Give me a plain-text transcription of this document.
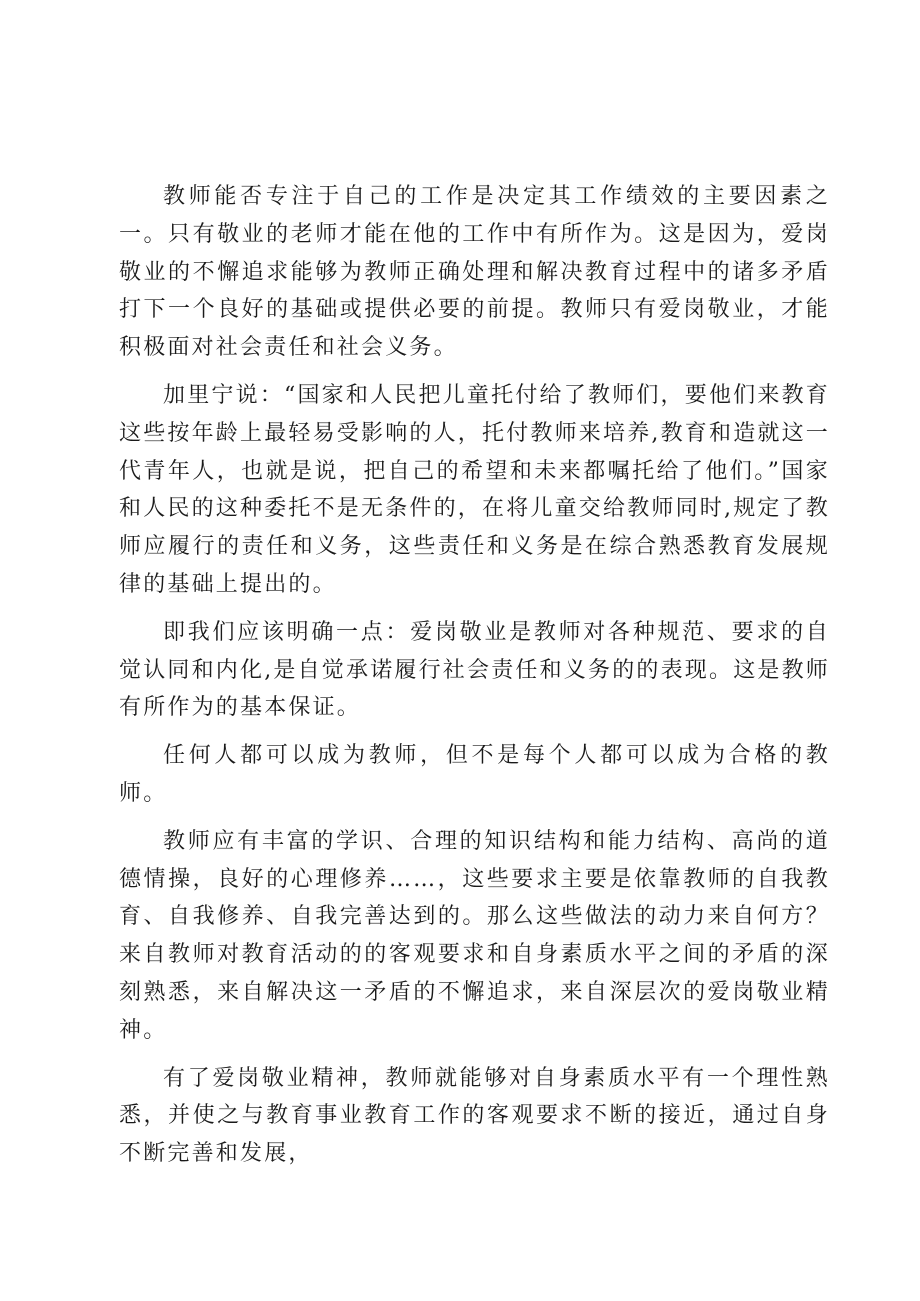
教师能否专注于自己的工作是决定其工作绩效的主要因素之一。只有敬业的老师才能在他的工作中有所作为。这是因为，爱岗敬业的不懈追求能够为教师正确处理和解决教育过程中的诸多矛盾打下一个良好的基础或提供必要的前提。教师只有爱岗敬业，才能积极面对社会责任和社会义务。

加里宁说：“国家和人民把儿童托付给了教师们，要他们来教育这些按年龄上最轻易受影响的人，托付教师来培养,教育和造就这一代青年人，也就是说，把自己的希望和未来都嘱托给了他们。”国家和人民的这种委托不是无条件的，在将儿童交给教师同时,规定了教师应履行的责任和义务，这些责任和义务是在综合熟悉教育发展规律的基础上提出的。

即我们应该明确一点：爱岗敬业是教师对各种规范、要求的自觉认同和内化,是自觉承诺履行社会责任和义务的的表现。这是教师有所作为的基本保证。

任何人都可以成为教师，但不是每个人都可以成为合格的教师。

教师应有丰富的学识、合理的知识结构和能力结构、高尚的道德情操，良好的心理修养……，这些要求主要是依靠教师的自我教育、自我修养、自我完善达到的。那么这些做法的动力来自何方？来自教师对教育活动的的客观要求和自身素质水平之间的矛盾的深刻熟悉，来自解决这一矛盾的不懈追求，来自深层次的爱岗敬业精神。

有了爱岗敬业精神，教师就能够对自身素质水平有一个理性熟悉，并使之与教育事业教育工作的客观要求不断的接近，通过自身不断完善和发展，
